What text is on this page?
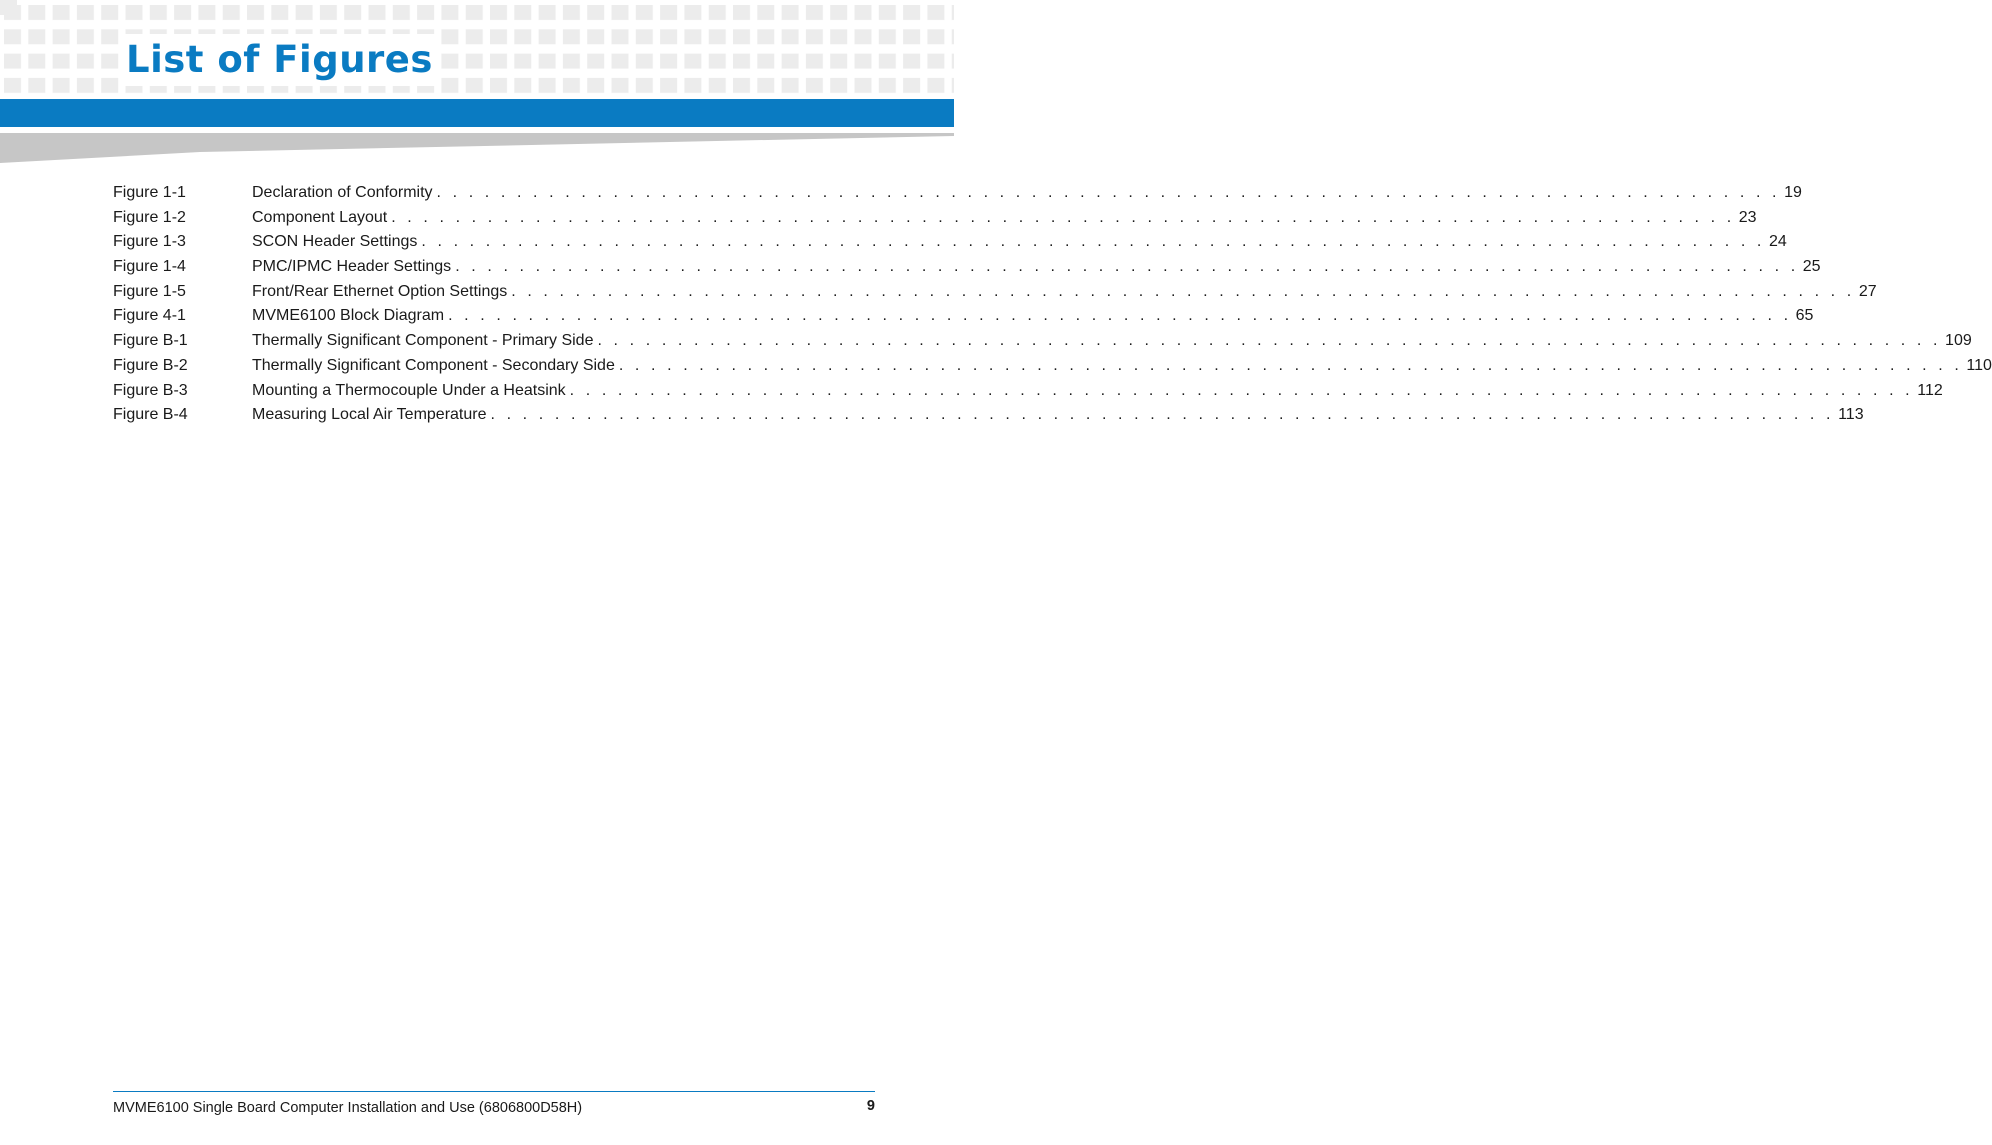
List of Figures
Figure 1-1	Declaration of Conformity . . . . . . . . . . . . . . . . . . . . . . . . . . . . . . . . . . . . . . . . . . . . . . . . . . . . . . . . . . . . . . . . . . . . . . . . . . . . . . . . . . . . 19
Figure 1-2	Component Layout . . . . . . . . . . . . . . . . . . . . . . . . . . . . . . . . . . . . . . . . . . . . . . . . . . . . . . . . . . . . . . . . . . . . . . . . . . . . . . . . . . . . 23
Figure 1-3	SCON Header Settings . . . . . . . . . . . . . . . . . . . . . . . . . . . . . . . . . . . . . . . . . . . . . . . . . . . . . . . . . . . . . . . . . . . . . . . . . . . . . . . . . . . . 24
Figure 1-4	PMC/IPMC Header Settings . . . . . . . . . . . . . . . . . . . . . . . . . . . . . . . . . . . . . . . . . . . . . . . . . . . . . . . . . . . . . . . . . . . . . . . . . . . . . . . . . . . . 25
Figure 1-5	Front/Rear Ethernet Option Settings . . . . . . . . . . . . . . . . . . . . . . . . . . . . . . . . . . . . . . . . . . . . . . . . . . . . . . . . . . . . . . . . . . . . . . . . . . . . . . . . . . . . 27
Figure 4-1	MVME6100 Block Diagram . . . . . . . . . . . . . . . . . . . . . . . . . . . . . . . . . . . . . . . . . . . . . . . . . . . . . . . . . . . . . . . . . . . . . . . . . . . . . . . . . . . . 65
Figure B-1	Thermally Significant Component - Primary Side . . . . . . . . . . . . . . . . . . . . . . . . . . . . . . . . . . . . . . . . . . . . . . . . . . . . . . . . . . . . . . . . . . . . . . . . . . . . . . . . . . . . 109
Figure B-2	Thermally Significant Component - Secondary Side . . . . . . . . . . . . . . . . . . . . . . . . . . . . . . . . . . . . . . . . . . . . . . . . . . . . . . . . . . . . . . . . . . . . . . . . . . . . . . . . . . . . 110
Figure B-3	Mounting a Thermocouple Under a Heatsink . . . . . . . . . . . . . . . . . . . . . . . . . . . . . . . . . . . . . . . . . . . . . . . . . . . . . . . . . . . . . . . . . . . . . . . . . . . . . . . . . . . . 112
Figure B-4	Measuring Local Air Temperature . . . . . . . . . . . . . . . . . . . . . . . . . . . . . . . . . . . . . . . . . . . . . . . . . . . . . . . . . . . . . . . . . . . . . . . . . . . . . . . . . . . . 113
MVME6100 Single Board Computer Installation and Use (6806800D58H)	9
